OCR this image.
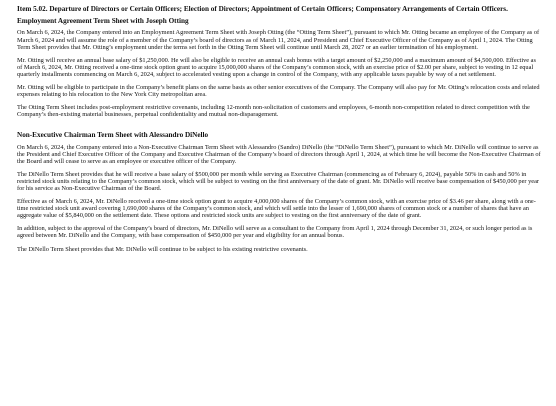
Item 5.02. Departure of Directors or Certain Officers; Election of Directors; Appointment of Certain Officers; Compensatory Arrangements of Certain Officers.
Employment Agreement Term Sheet with Joseph Otting

On March 6, 2024, the Company entered into an Employment Agreement Term Sheet with Joseph Otting (the “Otting Term Sheet”), pursuant to which Mr. Otting became an employee of the Company as of March 6, 2024 and will assume the role of a member of the Company’s board of directors as of March 11, 2024, and President and Chief Executive Officer of the Company as of April 1, 2024. The Otting Term Sheet provides that Mr. Otting’s employment under the terms set forth in the Otting Term Sheet will continue until March 28, 2027 or an earlier termination of his employment.

Mr. Otting will receive an annual base salary of $1,250,000. He will also be eligible to receive an annual cash bonus with a target amount of $2,250,000 and a maximum amount of $4,500,000. Effective as of March 6, 2024, Mr. Otting received a one-time stock option grant to acquire 15,000,000 shares of the Company’s common stock, with an exercise price of $2.00 per share, subject to vesting in 12 equal quarterly installments commencing on March 6, 2024, subject to accelerated vesting upon a change in control of the Company, with any applicable taxes payable by way of a net settlement.

Mr. Otting will be eligible to participate in the Company’s benefit plans on the same basis as other senior executives of the Company. The Company will also pay for Mr. Otting’s relocation costs and related expenses relating to his relocation to the New York City metropolitan area.

The Otting Term Sheet includes post-employment restrictive covenants, including 12-month non-solicitation of customers and employees, 6-month non-competition related to direct competition with the Company’s then-existing material businesses, perpetual confidentiality and mutual non-disparagement.

Non-Executive Chairman Term Sheet with Alessandro DiNello

On March 6, 2024, the Company entered into a Non-Executive Chairman Term Sheet with Alessandro (Sandro) DiNello (the “DiNello Term Sheet”), pursuant to which Mr. DiNello will continue to serve as the President and Chief Executive Officer of the Company and Executive Chairman of the Company’s board of directors through April 1, 2024, at which time he will become the Non-Executive Chairman of the Board and will cease to serve as an employee or executive officer of the Company.

The DiNello Term Sheet provides that he will receive a base salary of $500,000 per month while serving as Executive Chairman (commencing as of February 6, 2024), payable 50% in cash and 50% in restricted stock units relating to the Company’s common stock, which will be subject to vesting on the first anniversary of the date of grant. Mr. DiNello will receive base compensation of $450,000 per year for his service as Non-Executive Chairman of the Board.

Effective as of March 6, 2024, Mr. DiNello received a one-time stock option grant to acquire 4,000,000 shares of the Company’s common stock, with an exercise price of $3.46 per share, along with a one-time restricted stock unit award covering 1,690,000 shares of the Company’s common stock, and which will settle into the lesser of 1,690,000 shares of common stock or a number of shares that have an aggregate value of $5,840,000 on the settlement date. These options and restricted stock units are subject to vesting on the first anniversary of the date of grant.

In addition, subject to the approval of the Company’s board of directors, Mr. DiNello will serve as a consultant to the Company from April 1, 2024 through December 31, 2024, or such longer period as is agreed between Mr. DiNello and the Company, with base compensation of $450,000 per year and eligibility for an annual bonus.

The DiNello Term Sheet provides that Mr. DiNello will continue to be subject to his existing restrictive covenants.
